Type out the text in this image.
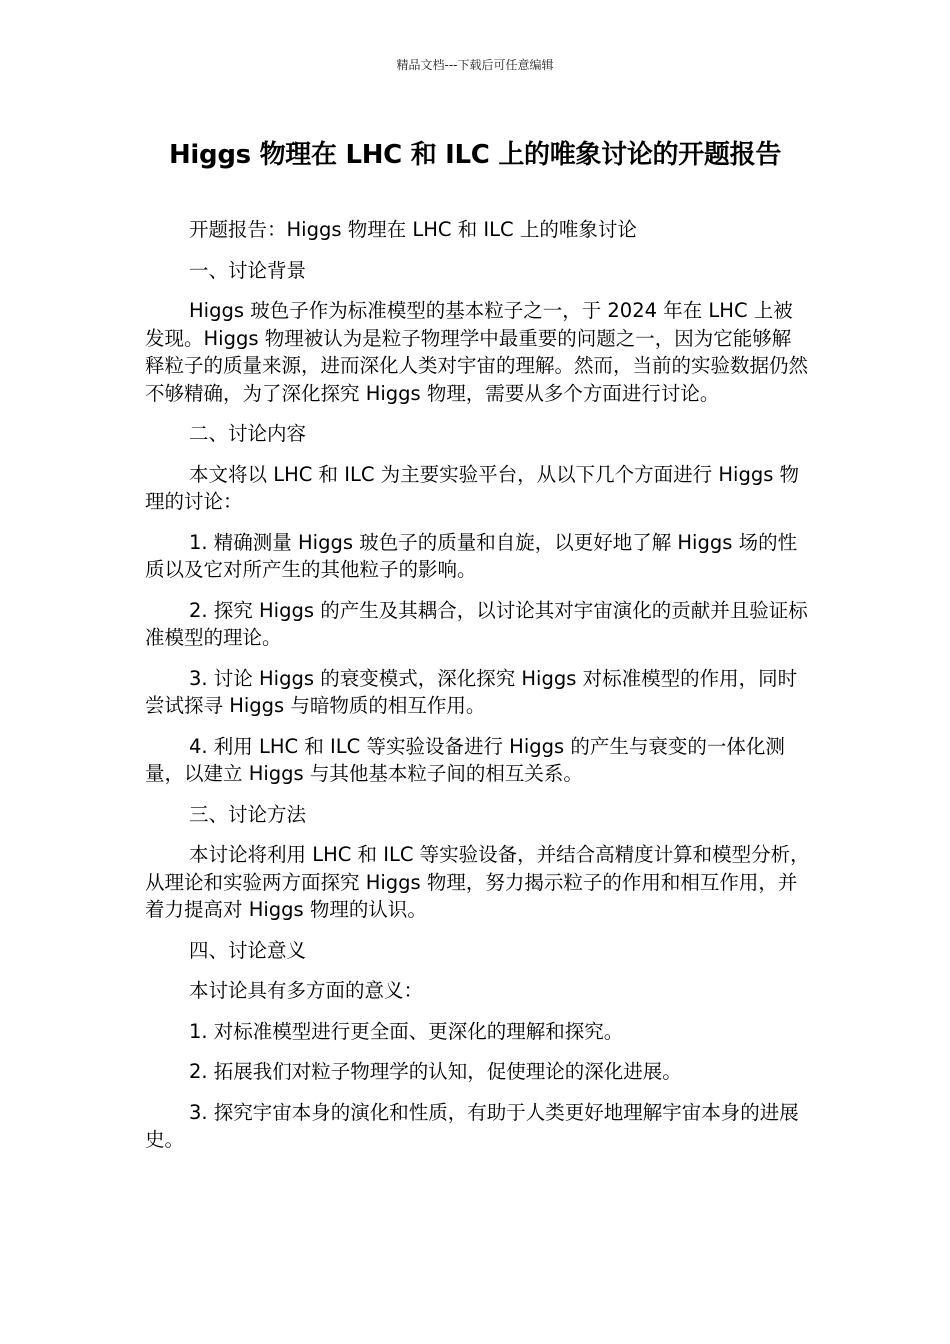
精品文档---下载后可任意编辑
Higgs 物理在 LHC 和 ILC 上的唯象讨论的开题报告

开题报告：Higgs 物理在 LHC 和 ILC 上的唯象讨论

一、讨论背景

Higgs 玻色子作为标准模型的基本粒子之一，于 2024 年在 LHC 上被发现。Higgs 物理被认为是粒子物理学中最重要的问题之一，因为它能够解释粒子的质量来源，进而深化人类对宇宙的理解。然而，当前的实验数据仍然不够精确，为了深化探究 Higgs 物理，需要从多个方面进行讨论。

二、讨论内容

本文将以 LHC 和 ILC 为主要实验平台，从以下几个方面进行 Higgs 物理的讨论：

1. 精确测量 Higgs 玻色子的质量和自旋，以更好地了解 Higgs 场的性质以及它对所产生的其他粒子的影响。

2. 探究 Higgs 的产生及其耦合，以讨论其对宇宙演化的贡献并且验证标准模型的理论。

3. 讨论 Higgs 的衰变模式，深化探究 Higgs 对标准模型的作用，同时尝试探寻 Higgs 与暗物质的相互作用。

4. 利用 LHC 和 ILC 等实验设备进行 Higgs 的产生与衰变的一体化测量，以建立 Higgs 与其他基本粒子间的相互关系。

三、讨论方法

本讨论将利用 LHC 和 ILC 等实验设备，并结合高精度计算和模型分析，从理论和实验两方面探究 Higgs 物理，努力揭示粒子的作用和相互作用，并着力提高对 Higgs 物理的认识。

四、讨论意义

本讨论具有多方面的意义：

1. 对标准模型进行更全面、更深化的理解和探究。

2. 拓展我们对粒子物理学的认知，促使理论的深化进展。

3. 探究宇宙本身的演化和性质，有助于人类更好地理解宇宙本身的进展史。
